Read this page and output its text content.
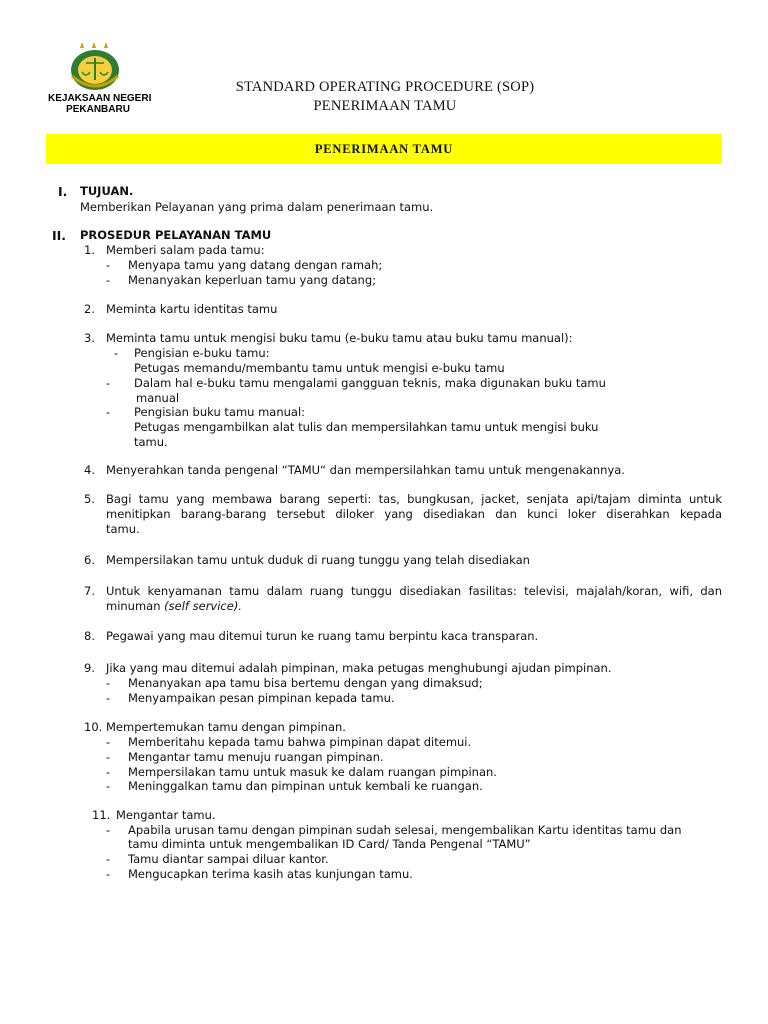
KEJAKSAAN NEGERI
PEKANBARU
STANDARD OPERATING PROCEDURE (SOP)
PENERIMAAN TAMU
PENERIMAAN TAMU
I. TUJUAN.
Memberikan Pelayanan yang prima dalam penerimaan tamu.
II. PROSEDUR PELAYANAN TAMU
1. Memberi salam pada tamu:
- Menyapa tamu yang datang dengan ramah;
- Menanyakan keperluan tamu yang datang;
2. Meminta kartu identitas tamu
3. Meminta tamu untuk mengisi buku tamu (e-buku tamu atau buku tamu manual):
- Pengisian e-buku tamu:
Petugas memandu/membantu tamu untuk mengisi e-buku tamu
- Dalam hal e-buku tamu mengalami gangguan teknis, maka digunakan buku tamu
manual
- Pengisian buku tamu manual:
Petugas mengambilkan alat tulis dan mempersilahkan tamu untuk mengisi buku
tamu.
4. Menyerahkan tanda pengenal “TAMU“ dan mempersilahkan tamu untuk mengenakannya.
5. Bagi tamu yang membawa barang seperti: tas, bungkusan, jacket, senjata api/tajam diminta untuk
menitipkan barang-barang tersebut diloker yang disediakan dan kunci loker diserahkan kepada
tamu.
6. Mempersilakan tamu untuk duduk di ruang tunggu yang telah disediakan
7. Untuk kenyamanan tamu dalam ruang tunggu disediakan fasilitas: televisi, majalah/koran, wifi, dan
minuman (self service).
8. Pegawai yang mau ditemui turun ke ruang tamu berpintu kaca transparan.
9. Jika yang mau ditemui adalah pimpinan, maka petugas menghubungi ajudan pimpinan.
- Menanyakan apa tamu bisa bertemu dengan yang dimaksud;
- Menyampaikan pesan pimpinan kepada tamu.
10. Mempertemukan tamu dengan pimpinan.
- Memberitahu kepada tamu bahwa pimpinan dapat ditemui.
- Mengantar tamu menuju ruangan pimpinan.
- Mempersilakan tamu untuk masuk ke dalam ruangan pimpinan.
- Meninggalkan tamu dan pimpinan untuk kembali ke ruangan.
11. Mengantar tamu.
- Apabila urusan tamu dengan pimpinan sudah selesai, mengembalikan Kartu identitas tamu dan
tamu diminta untuk mengembalikan ID Card/ Tanda Pengenal “TAMU”
- Tamu diantar sampai diluar kantor.
- Mengucapkan terima kasih atas kunjungan tamu.
